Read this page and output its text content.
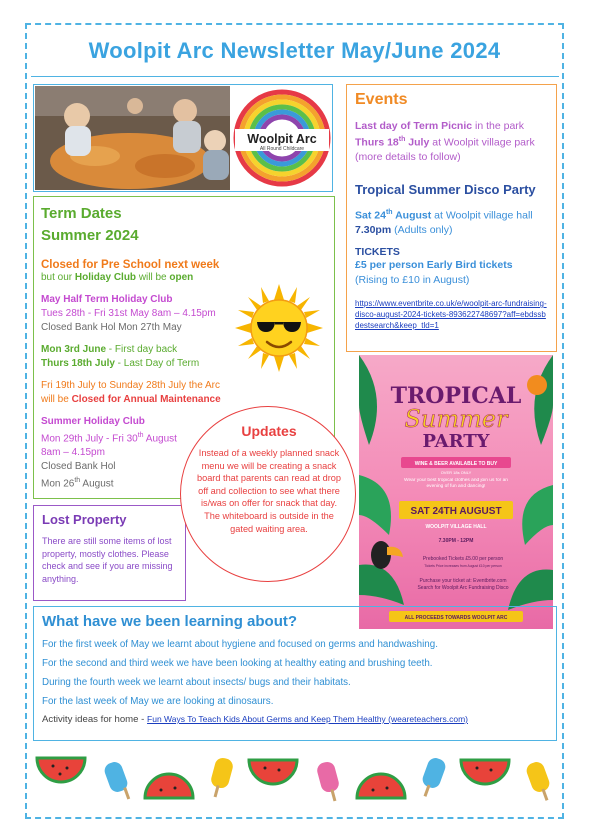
Woolpit Arc Newsletter May/June 2024
Woolpit Arc
All Round Childcare

Events

Last day of Term Picnic in the park

Thurs 18th July at Woolpit village park

(more details to follow)

Tropical Summer Disco Party

Sat 24th August at Woolpit village hall

7.30pm (Adults only)

TICKETS

£5 per person Early Bird tickets

(Rising to £10 in August)

https://www.eventbrite.co.uk/e/woolpit-arc-fundraising-disco-august-2024-tickets-893622748697?aff=ebdssbdestsearch&keep_tld=1

Term Dates

Summer 2024

Closed for Pre School next week

but our Holiday Club will be open

May Half Term Holiday Club

Tues 28th - Fri 31st May 8am – 4.15pm

Closed Bank Hol Mon 27th May

Mon 3rd June - First day back

Thurs 18th July - Last Day of Term

Fri 19th July to Sunday 28th July the Arc

will be Closed for Annual Maintenance

Summer Holiday Club

Mon 29th July - Fri 30th August

8am – 4.15pm

Closed Bank Hol

Mon 26th August

Lost Property

There are still some items of lost property, mostly clothes. Please check and see if you are missing anything.

Updates
Instead of a weekly planned snack menu we will be creating a snack board that parents can read at drop off and collection to see what there is/was on offer for snack that day. The whiteboard is outside in the gated waiting area.
TROPICAL
Summer
PARTY
WINE & BEER AVAILABLE TO BUY
OVER 18s ONLY
Wear your best tropical clothes and join us for an evening of fun and dancing!
SAT 24TH AUGUST
WOOLPIT VILLAGE HALL
7.30PM - 12PM
Prebooked Tickets £5.00 per person
Tickets Price increases from August £10 per person
Purchase your ticket at: Eventbrite.com
Search for Woolpit Arc Fundraising Disco
ALL PROCEEDS TOWARDS WOOLPIT ARC

What have we been learning about?

For the first week of May we learnt about hygiene and focused on germs and handwashing.

For the second and third week we have been looking at healthy eating and brushing teeth.

During the fourth week we learnt about insects/ bugs and their habitats.

For the last week of May we are looking at dinosaurs.

Activity ideas for home - Fun Ways To Teach Kids About Germs and Keep Them Healthy (weareteachers.com)
